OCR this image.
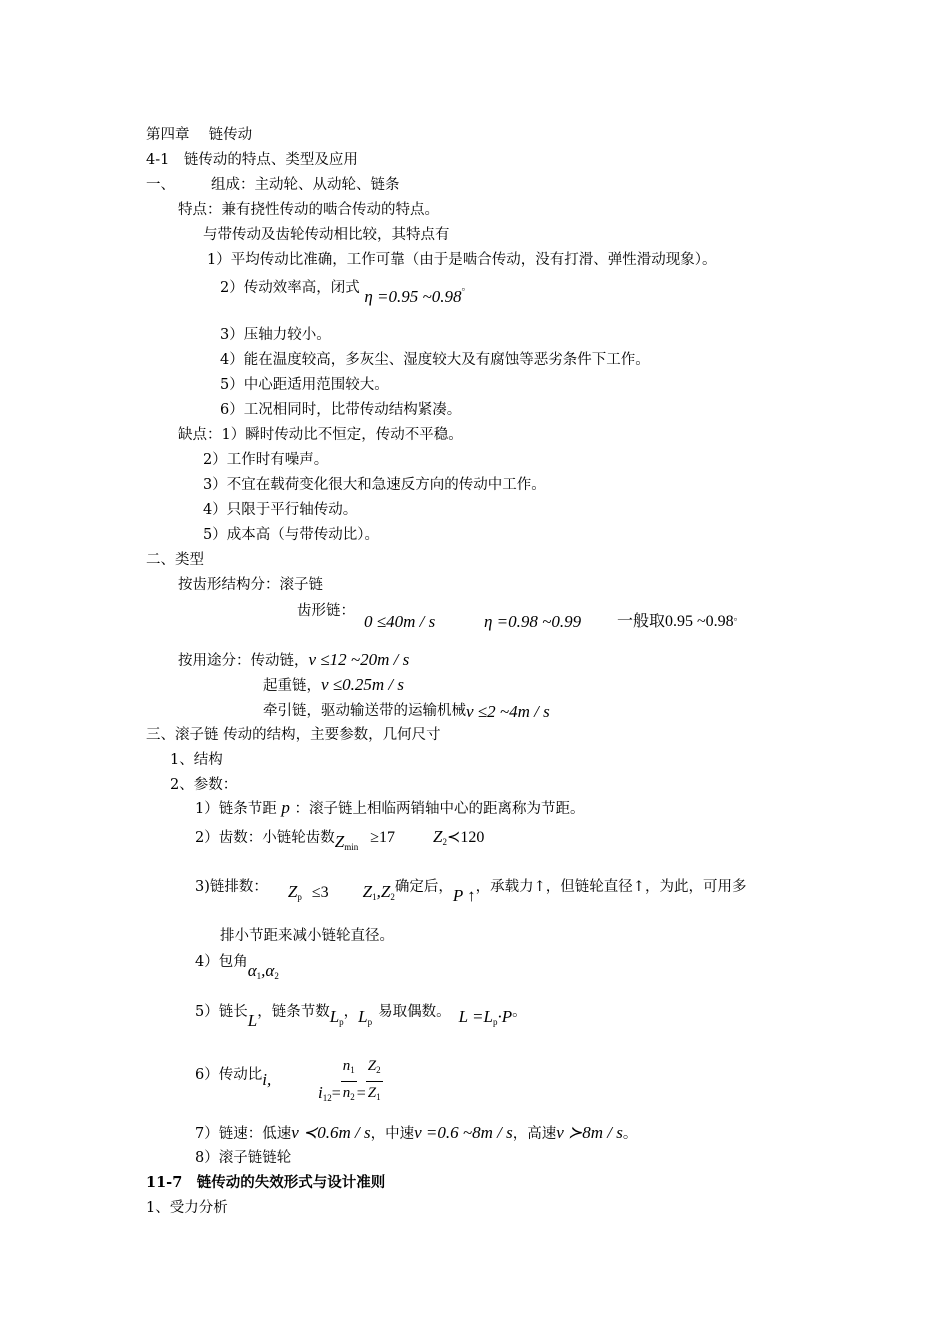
第四章　 链传动
4-1　链传动的特点、类型及应用
一、 组成：主动轮、从动轮、链条
特点：兼有挠性传动的啮合传动的特点。
与带传动及齿轮传动相比较，其特点有
1）平均传动比准确，工作可靠（由于是啮合传动，没有打滑、弹性滑动现象）。
2）传动效率高，闭式 η =0.95 ~0.98。
3）压轴力较小。
4）能在温度较高，多灰尘、湿度较大及有腐蚀等恶劣条件下工作。
5）中心距适用范围较大。
6）工况相同时，比带传动结构紧凑。
缺点：1）瞬时传动比不恒定，传动不平稳。
2）工作时有噪声。
3）不宜在载荷变化很大和急速反方向的传动中工作。
4）只限于平行轴传动。
5）成本高（与带传动比）。
二、类型
按齿形结构分：滚子链
齿形链：
0 ≤40m / s	η =0.98 ~0.99 一般取0.95 ~0.98。
按用途分：传动链，v ≤12 ~20m / s
起重链，v ≤0.25m / s
牵引链，驱动输送带的运输机械v ≤2 ~4m / s
三、滚子链 传动的结构，主要参数，几何尺寸
1、结构
2、参数：
1）链条节距 p ：滚子链上相临两销轴中心的距离称为节距。
2）齿数：小链轮齿数$Z_{min}\ge 17$ $Z_2≺120$
3)链排数： $Z_p \le 3$ $Z_1,Z_2$确定后，P ↑，承载力↑，但链轮直径↑，为此，可用多
排小节距来减小链轮直径。
4）包角$\alpha_1,\alpha_2$
5）链长L，链条节数$L_p$，$L_p$易取偶数。 $L =L_p\cdot P$。
6）传动比i,
$i_{12}= \frac{n_1}{n_2} = \frac{Z_2}{Z_1}$
7）链速：低速v ≺0.6m / s，中速v =0.6 ~8m / s，高速v ≻8m / s。
8）滚子链链轮
11-7　链传动的失效形式与设计准则
1、受力分析
